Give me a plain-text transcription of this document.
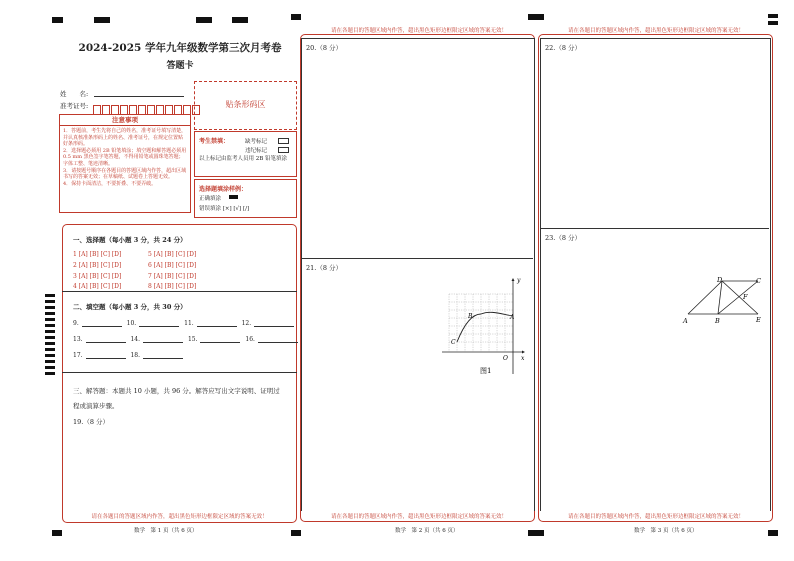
2024-2025 学年九年级数学第三次月考卷
答题卡
姓　　名:
准考证号:	贴条形码区
注意事项
1．答题前，考生先将自己的姓名，准考证号填写清楚，并认真核准条形码上的姓名、准考证号，在规定位置贴好条形码。
2．选择题必须用 2B 铅笔填涂；填空题和解答题必须用 0.5 mm 黑色签字笔答题，不得用铅笔或圆珠笔答题；字体工整、笔迹清晰。
3．请按题号顺序在各题目的答题区域内作答，超出区域书写的答案无效；在草稿纸、试题卷上答题无效。
4．保持卡面清洁，不要折叠、不要弄破。
考生禁填：	缺考标记
违纪标记
以上标记由监考人员用 2B 铅笔填涂
选择题填涂样例：
正确填涂
错误填涂 [×] [√] [/]
一、选择题（每小题 3 分，共 24 分）
1 [A] [B] [C] [D]	5 [A] [B] [C] [D]
2 [A] [B] [C] [D]	6 [A] [B] [C] [D]
3 [A] [B] [C] [D]	7 [A] [B] [C] [D]
4 [A] [B] [C] [D]	8 [A] [B] [C] [D]
二、填空题（每小题 3 分，共 30 分）
9.	10.	11.	12.
13.	14.	15.	16.
17.	18.
三、解答题：本题共 10 小题，共 96 分。解答应写出文字说明、证明过
程或演算步骤。
19.（8 分）
请在各题目的答题区域内作答，超出黑色矩形边框限定区域的答案无效！
数学　第 1 页（共 6 页）
请在各题目的答题区域内作答，超出黑色矩形边框限定区域的答案无效！
20.（8 分）
21.（8 分）
y
x
O
A
B
C
图1
请在各题目的答题区域内作答，超出黑色矩形边框限定区域的答案无效！
数学　第 2 页（共 6 页）
请在各题目的答题区域内作答，超出黑色矩形边框限定区域的答案无效！
22.（8 分）
23.（8 分）
A	B
C
D
E
F
请在各题目的答题区域内作答，超出黑色矩形边框限定区域的答案无效！
数学　第 3 页（共 6 页）
